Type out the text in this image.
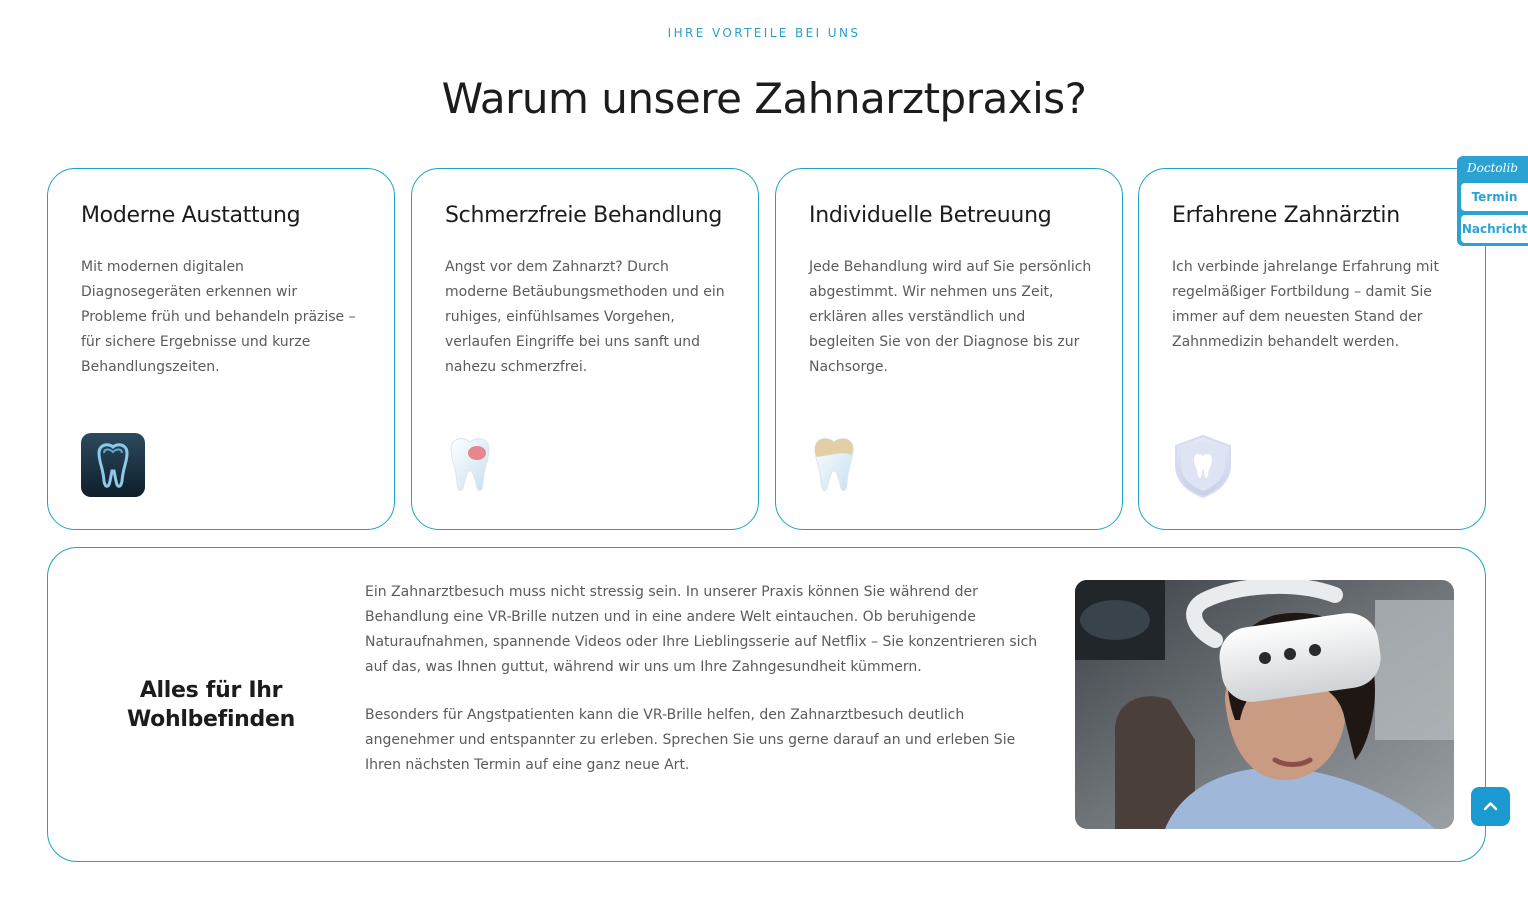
IHRE VORTEILE BEI UNS
Warum unsere Zahnarztpraxis?
Moderne Austattung

Mit modernen digitalen Diagnosegeräten erkennen wir Probleme früh und behandeln präzise – für sichere Ergebnisse und kurze Behandlungszeiten.

Schmerzfreie Behandlung

Angst vor dem Zahnarzt? Durch moderne Betäubungsmethoden und ein ruhiges, einfühlsames Vorgehen, verlaufen Eingriffe bei uns sanft und nahezu schmerzfrei.

Individuelle Betreuung

Jede Behandlung wird auf Sie persönlich abgestimmt. Wir nehmen uns Zeit, erklären alles verständlich und begleiten Sie von der Diagnose bis zur Nachsorge.

Erfahrene Zahnärztin

Ich verbinde jahrelange Erfahrung mit regelmäßiger Fortbildung – damit Sie immer auf dem neuesten Stand der Zahnmedizin behandelt werden.

Alles für Ihr Wohlbefinden

Ein Zahnarztbesuch muss nicht stressig sein. In unserer Praxis können Sie während der Behandlung eine VR-Brille nutzen und in eine andere Welt eintauchen. Ob beruhigende Naturaufnahmen, spannende Videos oder Ihre Lieblingsserie auf Netflix – Sie konzentrieren sich auf das, was Ihnen guttut, während wir uns um Ihre Zahngesundheit kümmern.

Besonders für Angstpatienten kann die VR-Brille helfen, den Zahnarztbesuch deutlich angenehmer und entspannter zu erleben. Sprechen Sie uns gerne darauf an und erleben Sie Ihren nächsten Termin auf eine ganz neue Art.

Doctolib
Termin
Nachricht
